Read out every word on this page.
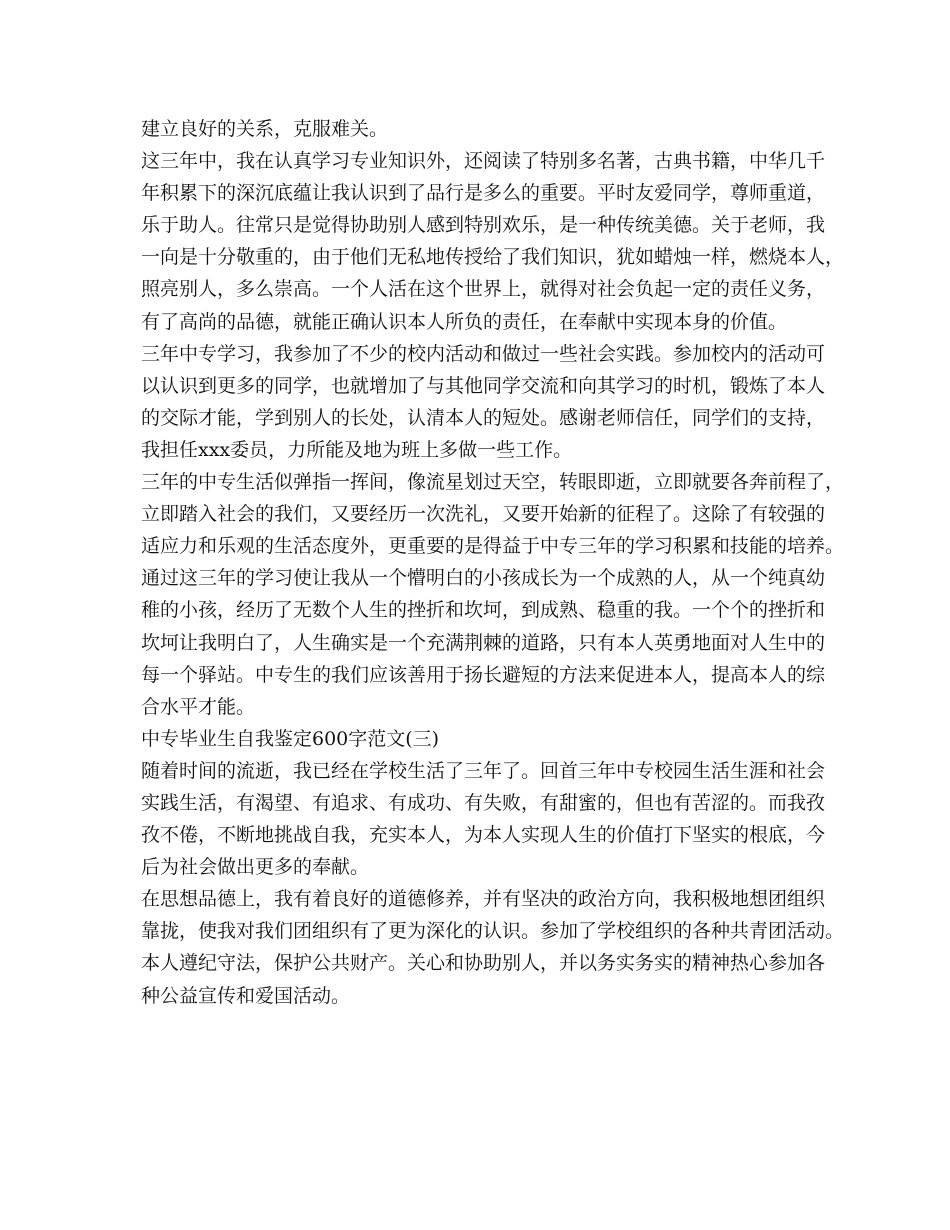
建立良好的关系，克服难关。
这三年中，我在认真学习专业知识外，还阅读了特别多名著，古典书籍，中华几千
年积累下的深沉底蕴让我认识到了品行是多么的重要。平时友爱同学，尊师重道，
乐于助人。往常只是觉得协助别人感到特别欢乐，是一种传统美德。关于老师，我
一向是十分敬重的，由于他们无私地传授给了我们知识，犹如蜡烛一样，燃烧本人，
照亮别人，多么崇高。一个人活在这个世界上，就得对社会负起一定的责任义务，
有了高尚的品德，就能正确认识本人所负的责任，在奉献中实现本身的价值。
三年中专学习，我参加了不少的校内活动和做过一些社会实践。参加校内的活动可
以认识到更多的同学，也就增加了与其他同学交流和向其学习的时机，锻炼了本人
的交际才能，学到别人的长处，认清本人的短处。感谢老师信任，同学们的支持，
我担任xxx委员，力所能及地为班上多做一些工作。
三年的中专生活似弹指一挥间，像流星划过天空，转眼即逝，立即就要各奔前程了，
立即踏入社会的我们，又要经历一次洗礼，又要开始新的征程了。这除了有较强的
适应力和乐观的生活态度外，更重要的是得益于中专三年的学习积累和技能的培养。
通过这三年的学习使让我从一个懵明白的小孩成长为一个成熟的人，从一个纯真幼
稚的小孩，经历了无数个人生的挫折和坎坷，到成熟、稳重的我。一个个的挫折和
坎坷让我明白了，人生确实是一个充满荆棘的道路，只有本人英勇地面对人生中的
每一个驿站。中专生的我们应该善用于扬长避短的方法来促进本人，提高本人的综
合水平才能。
中专毕业生自我鉴定600字范文(三)
随着时间的流逝，我已经在学校生活了三年了。回首三年中专校园生活生涯和社会
实践生活，有渴望、有追求、有成功、有失败，有甜蜜的，但也有苦涩的。而我孜
孜不倦，不断地挑战自我，充实本人，为本人实现人生的价值打下坚实的根底，今
后为社会做出更多的奉献。
在思想品德上，我有着良好的道德修养，并有坚决的政治方向，我积极地想团组织
靠拢，使我对我们团组织有了更为深化的认识。参加了学校组织的各种共青团活动。
本人遵纪守法，保护公共财产。关心和协助别人，并以务实务实的精神热心参加各
种公益宣传和爱国活动。
